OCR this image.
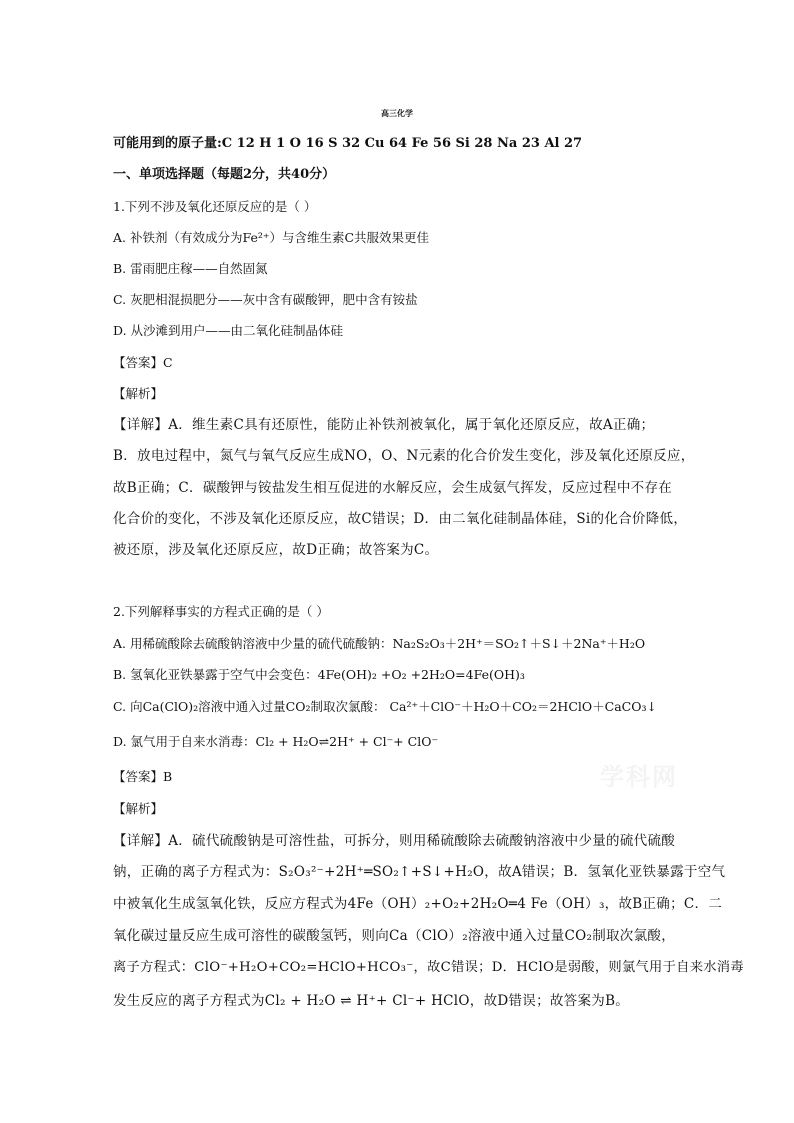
高三化学
可能用到的原子量:C 12 H 1 O 16 S 32 Cu 64 Fe 56 Si 28 Na 23 Al 27
一、单项选择题（每题2分，共40分）
1.下列不涉及氧化还原反应的是（ ）
A. 补铁剂（有效成分为Fe²⁺）与含维生素C共服效果更佳
B. 雷雨肥庄稼——自然固氮
C. 灰肥相混损肥分——灰中含有碳酸钾，肥中含有铵盐
D. 从沙滩到用户——由二氧化硅制晶体硅
【答案】C
【解析】
【详解】A．维生素C具有还原性，能防止补铁剂被氧化，属于氧化还原反应，故A正确；
B．放电过程中，氮气与氧气反应生成NO，O、N元素的化合价发生变化，涉及氧化还原反应，
故B正确；C．碳酸钾与铵盐发生相互促进的水解反应，会生成氨气挥发，反应过程中不存在
化合价的变化，不涉及氧化还原反应，故C错误；D．由二氧化硅制晶体硅，Si的化合价降低，
被还原，涉及氧化还原反应，故D正确；故答案为C。
2.下列解释事实的方程式正确的是（ ）
A. 用稀硫酸除去硫酸钠溶液中少量的硫代硫酸钠：Na₂S₂O₃＋2H⁺＝SO₂↑＋S↓＋2Na⁺＋H₂O
B. 氢氧化亚铁暴露于空气中会变色：4Fe(OH)₂ +O₂ +2H₂O=4Fe(OH)₃
C. 向Ca(ClO)₂溶液中通入过量CO₂制取次氯酸： Ca²⁺＋ClO⁻＋H₂O＋CO₂＝2HClO＋CaCO₃↓
D. 氯气用于自来水消毒：Cl₂ + H₂O⇌2H⁺ + Cl⁻+ ClO⁻
【答案】B
【解析】
【详解】A．硫代硫酸钠是可溶性盐，可拆分，则用稀硫酸除去硫酸钠溶液中少量的硫代硫酸
钠，正确的离子方程式为：S₂O₃²⁻+2H⁺═SO₂↑+S↓+H₂O，故A错误；B．氢氧化亚铁暴露于空气
中被氧化生成氢氧化铁，反应方程式为4Fe（OH）₂+O₂+2H₂O═4 Fe（OH）₃，故B正确；C．二
氧化碳过量反应生成可溶性的碳酸氢钙，则向Ca（ClO）₂溶液中通入过量CO₂制取次氯酸，
离子方程式：ClO⁻+H₂O+CO₂=HClO+HCO₃⁻，故C错误；D．HClO是弱酸，则氯气用于自来水消毒
发生反应的离子方程式为Cl₂ + H₂O ⇌ H⁺+ Cl⁻+ HClO，故D错误；故答案为B。
学科网
